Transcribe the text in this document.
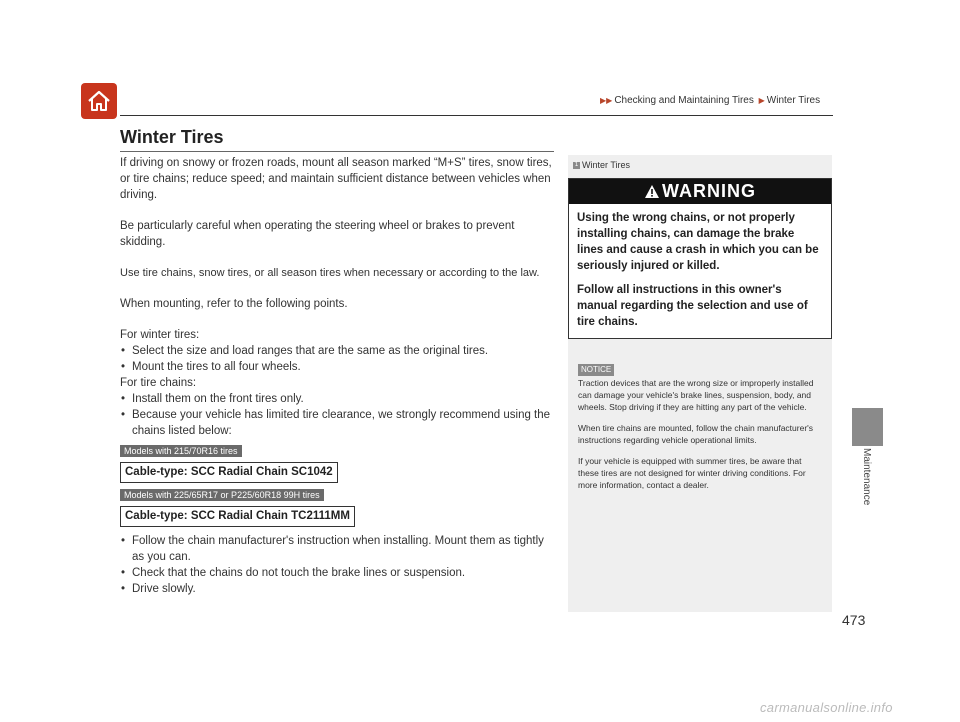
▶▶ Checking and Maintaining Tires ▶ Winter Tires
Winter Tires

If driving on snowy or frozen roads, mount all season marked “M+S” tires, snow tires, or tire chains; reduce speed; and maintain sufficient distance between vehicles when driving.

Be particularly careful when operating the steering wheel or brakes to prevent skidding.

Use tire chains, snow tires, or all season tires when necessary or according to the law.

When mounting, refer to the following points.

For winter tires:

• Select the size and load ranges that are the same as the original tires.

• Mount the tires to all four wheels.

For tire chains:

• Install them on the front tires only.

• Because your vehicle has limited tire clearance, we strongly recommend using the chains listed below:

Models with 215/70R16 tires
Cable-type: SCC Radial Chain SC1042
Models with 225/65R17 or P225/60R18 99H tires
Cable-type: SCC Radial Chain TC2111MM

• Follow the chain manufacturer's instruction when installing. Mount them as tightly as you can.

• Check that the chains do not touch the brake lines or suspension.

• Drive slowly.

1 Winter Tires
WARNING

Using the wrong chains, or not properly installing chains, can damage the brake lines and cause a crash in which you can be seriously injured or killed.

Follow all instructions in this owner's manual regarding the selection and use of tire chains.

NOTICE

Traction devices that are the wrong size or improperly installed can damage your vehicle's brake lines, suspension, body, and wheels. Stop driving if they are hitting any part of the vehicle.

When tire chains are mounted, follow the chain manufacturer's instructions regarding vehicle operational limits.

If your vehicle is equipped with summer tires, be aware that these tires are not designed for winter driving conditions. For more information, contact a dealer.	Maintenance
473
carmanualsonline.info
